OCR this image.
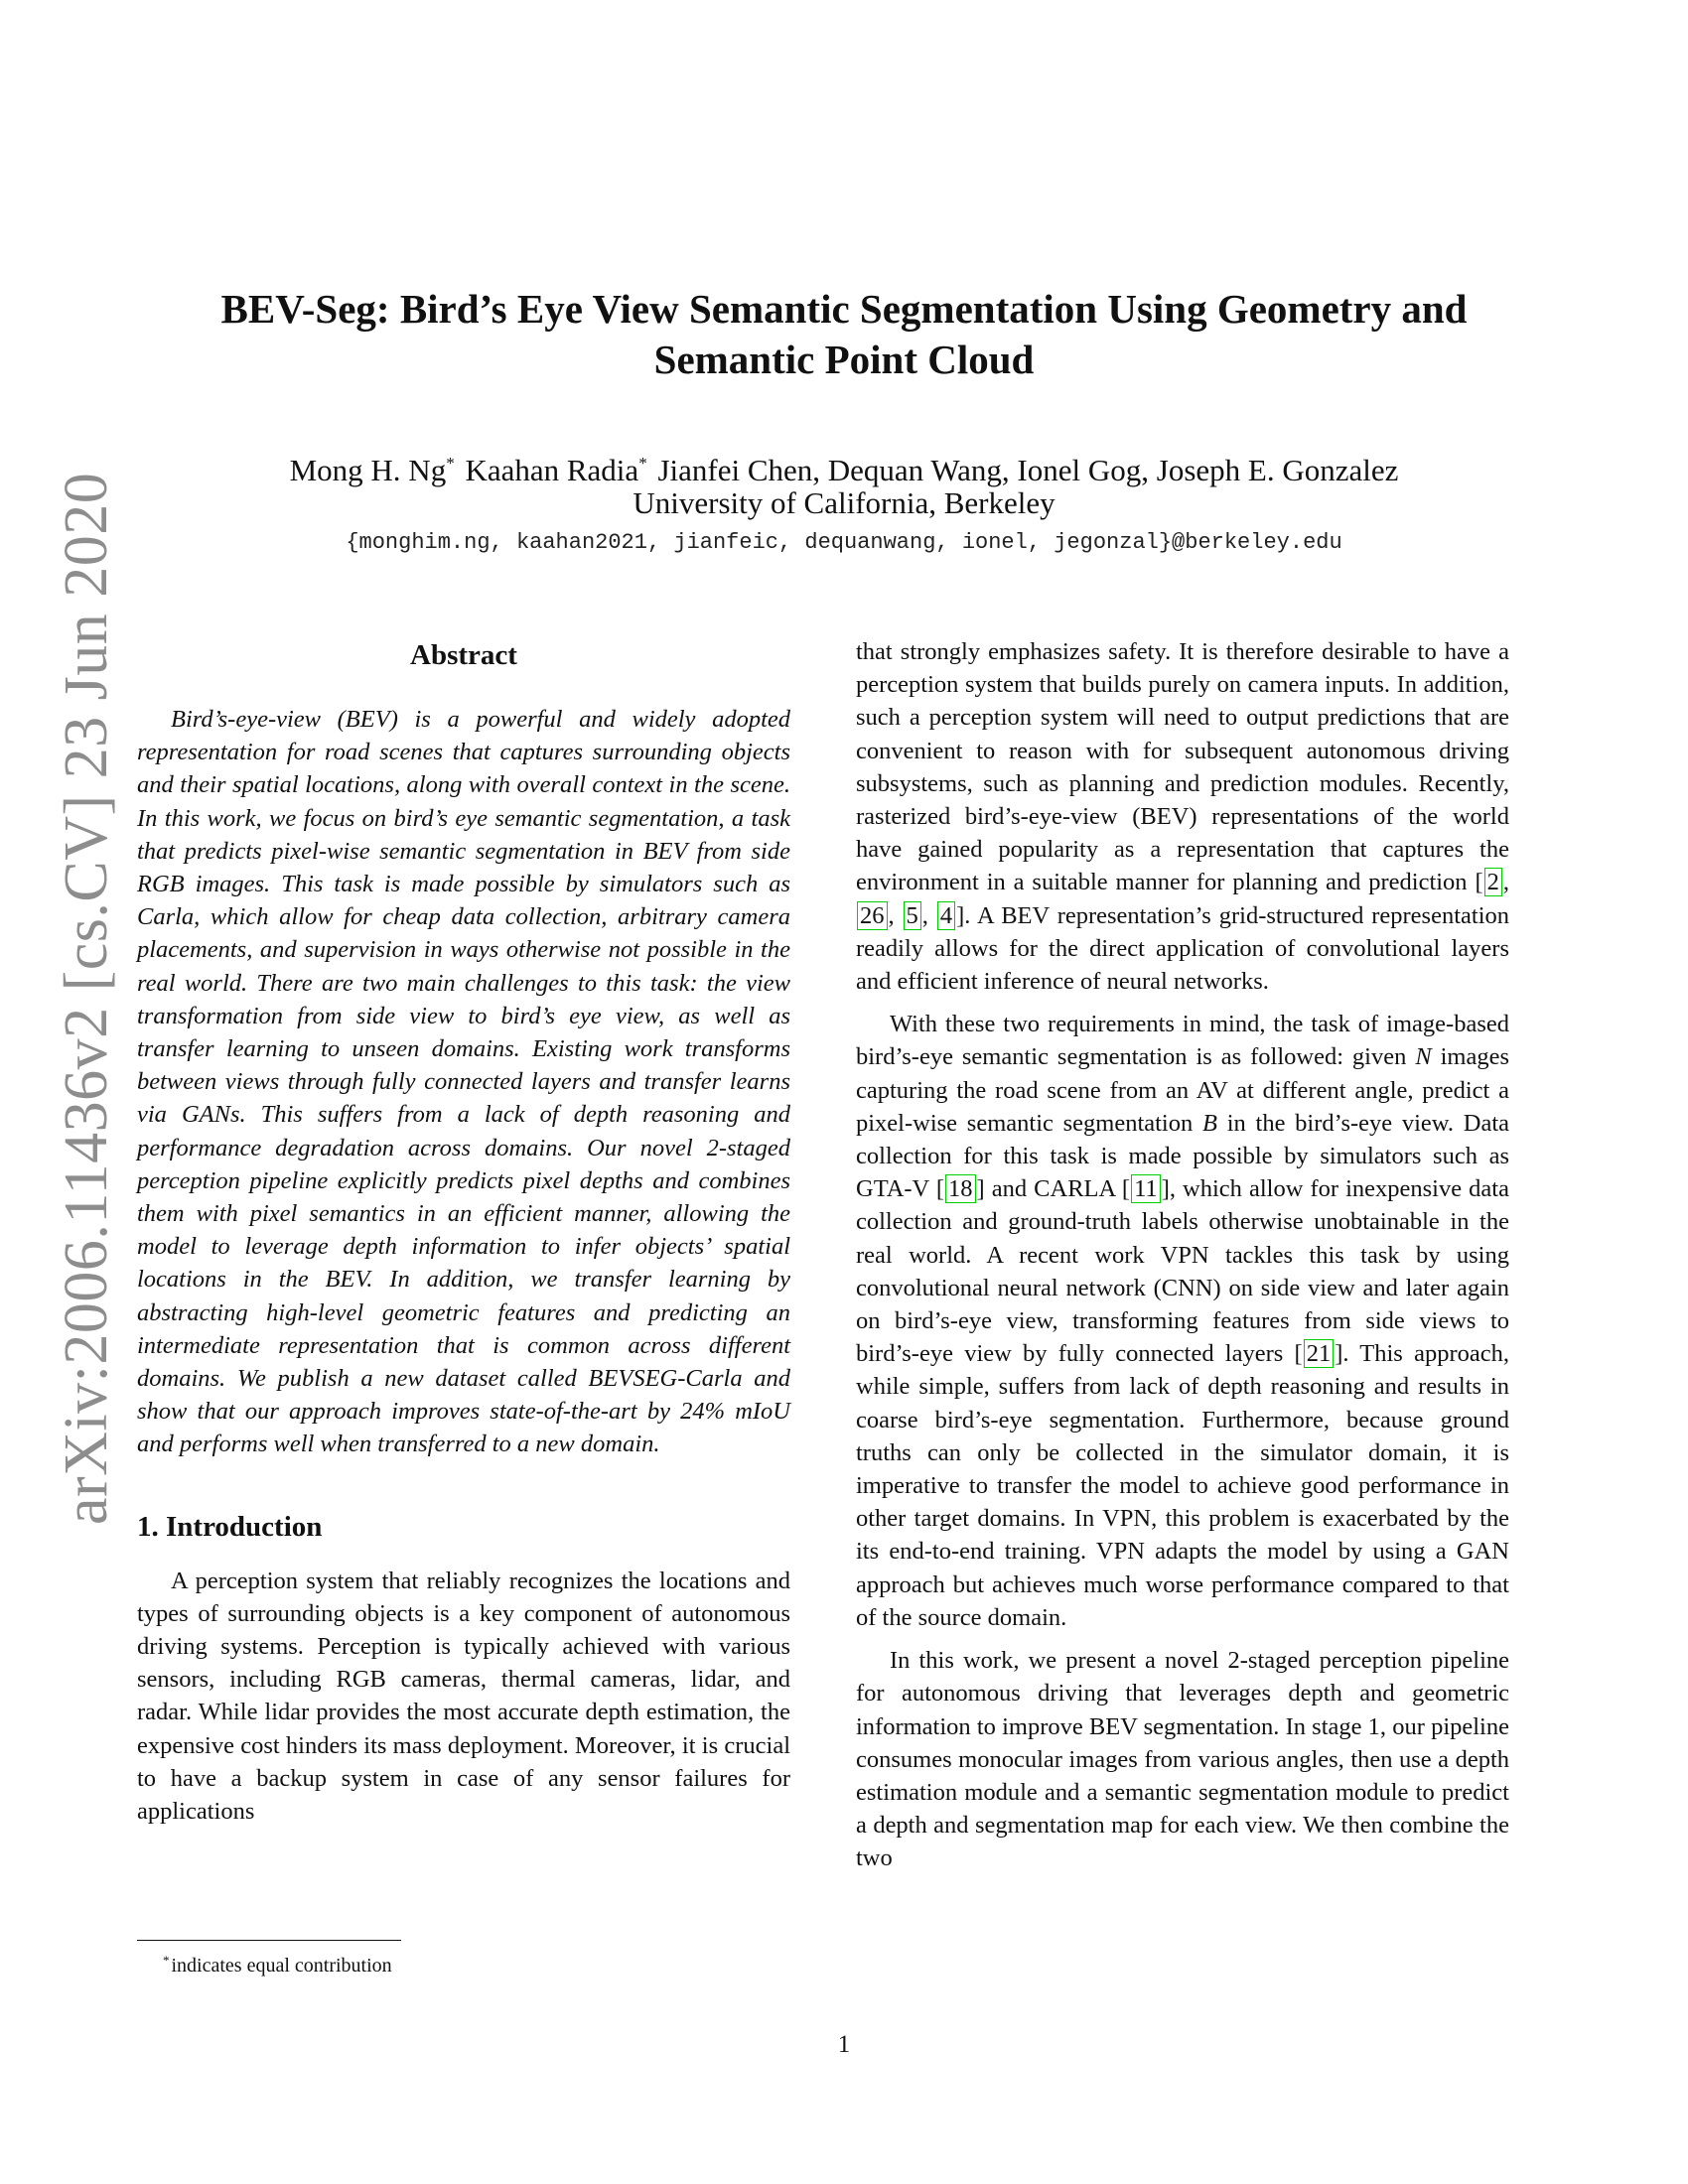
arXiv:2006.11436v2 [cs.CV] 23 Jun 2020
BEV-Seg: Bird’s Eye View Semantic Segmentation Using Geometry and
Semantic Point Cloud
Mong H. Ng* Kaahan Radia* Jianfei Chen, Dequan Wang, Ionel Gog, Joseph E. Gonzalez
University of California, Berkeley
{monghim.ng, kaahan2021, jianfeic, dequanwang, ionel, jegonzal}@berkeley.edu
Abstract

Bird’s-eye-view (BEV) is a powerful and widely adopted representation for road scenes that captures surrounding objects and their spatial locations, along with overall context in the scene. In this work, we focus on bird’s eye semantic segmentation, a task that predicts pixel-wise semantic segmentation in BEV from side RGB images. This task is made possible by simulators such as Carla, which allow for cheap data collection, arbitrary camera placements, and supervision in ways otherwise not possible in the real world. There are two main challenges to this task: the view transformation from side view to bird’s eye view, as well as transfer learning to unseen domains. Existing work transforms between views through fully connected layers and transfer learns via GANs. This suffers from a lack of depth reasoning and performance degradation across domains. Our novel 2-staged perception pipeline explicitly predicts pixel depths and combines them with pixel semantics in an efficient manner, allowing the model to leverage depth information to infer objects’ spatial locations in the BEV. In addition, we transfer learning by abstracting high-level geometric features and predicting an intermediate representation that is common across different domains. We publish a new dataset called BEVSEG-Carla and show that our approach improves state-of-the-art by 24% mIoU and performs well when transferred to a new domain.

1. Introduction

A perception system that reliably recognizes the locations and types of surrounding objects is a key component of autonomous driving systems. Perception is typically achieved with various sensors, including RGB cameras, thermal cameras, lidar, and radar. While lidar provides the most accurate depth estimation, the expensive cost hinders its mass deployment. Moreover, it is crucial to have a backup system in case of any sensor failures for applications

that strongly emphasizes safety. It is therefore desirable to have a perception system that builds purely on camera inputs. In addition, such a perception system will need to output predictions that are convenient to reason with for subsequent autonomous driving subsystems, such as planning and prediction modules. Recently, rasterized bird’s-eye-view (BEV) representations of the world have gained popularity as a representation that captures the environment in a suitable manner for planning and prediction [ 2 , 26 , 5 , 4 ]. A BEV representation’s grid-structured representation readily allows for the direct application of convolutional layers and efficient inference of neural networks.

With these two requirements in mind, the task of image-based bird’s-eye semantic segmentation is as followed: given N images capturing the road scene from an AV at different angle, predict a pixel-wise semantic segmentation B in the bird’s-eye view. Data collection for this task is made possible by simulators such as GTA-V [ 18 ] and CARLA [ 11 ], which allow for inexpensive data collection and ground-truth labels otherwise unobtainable in the real world. A recent work VPN tackles this task by using convolutional neural network (CNN) on side view and later again on bird’s-eye view, transforming features from side views to bird’s-eye view by fully connected layers [ 21 ]. This approach, while simple, suffers from lack of depth reasoning and results in coarse bird’s-eye segmentation. Furthermore, because ground truths can only be collected in the simulator domain, it is imperative to transfer the model to achieve good performance in other target domains. In VPN, this problem is exacerbated by the its end-to-end training. VPN adapts the model by using a GAN approach but achieves much worse performance compared to that of the source domain.

In this work, we present a novel 2-staged perception pipeline for autonomous driving that leverages depth and geometric information to improve BEV segmentation. In stage 1, our pipeline consumes monocular images from various angles, then use a depth estimation module and a semantic segmentation module to predict a depth and segmentation map for each view. We then combine the two

* indicates equal contribution
1
